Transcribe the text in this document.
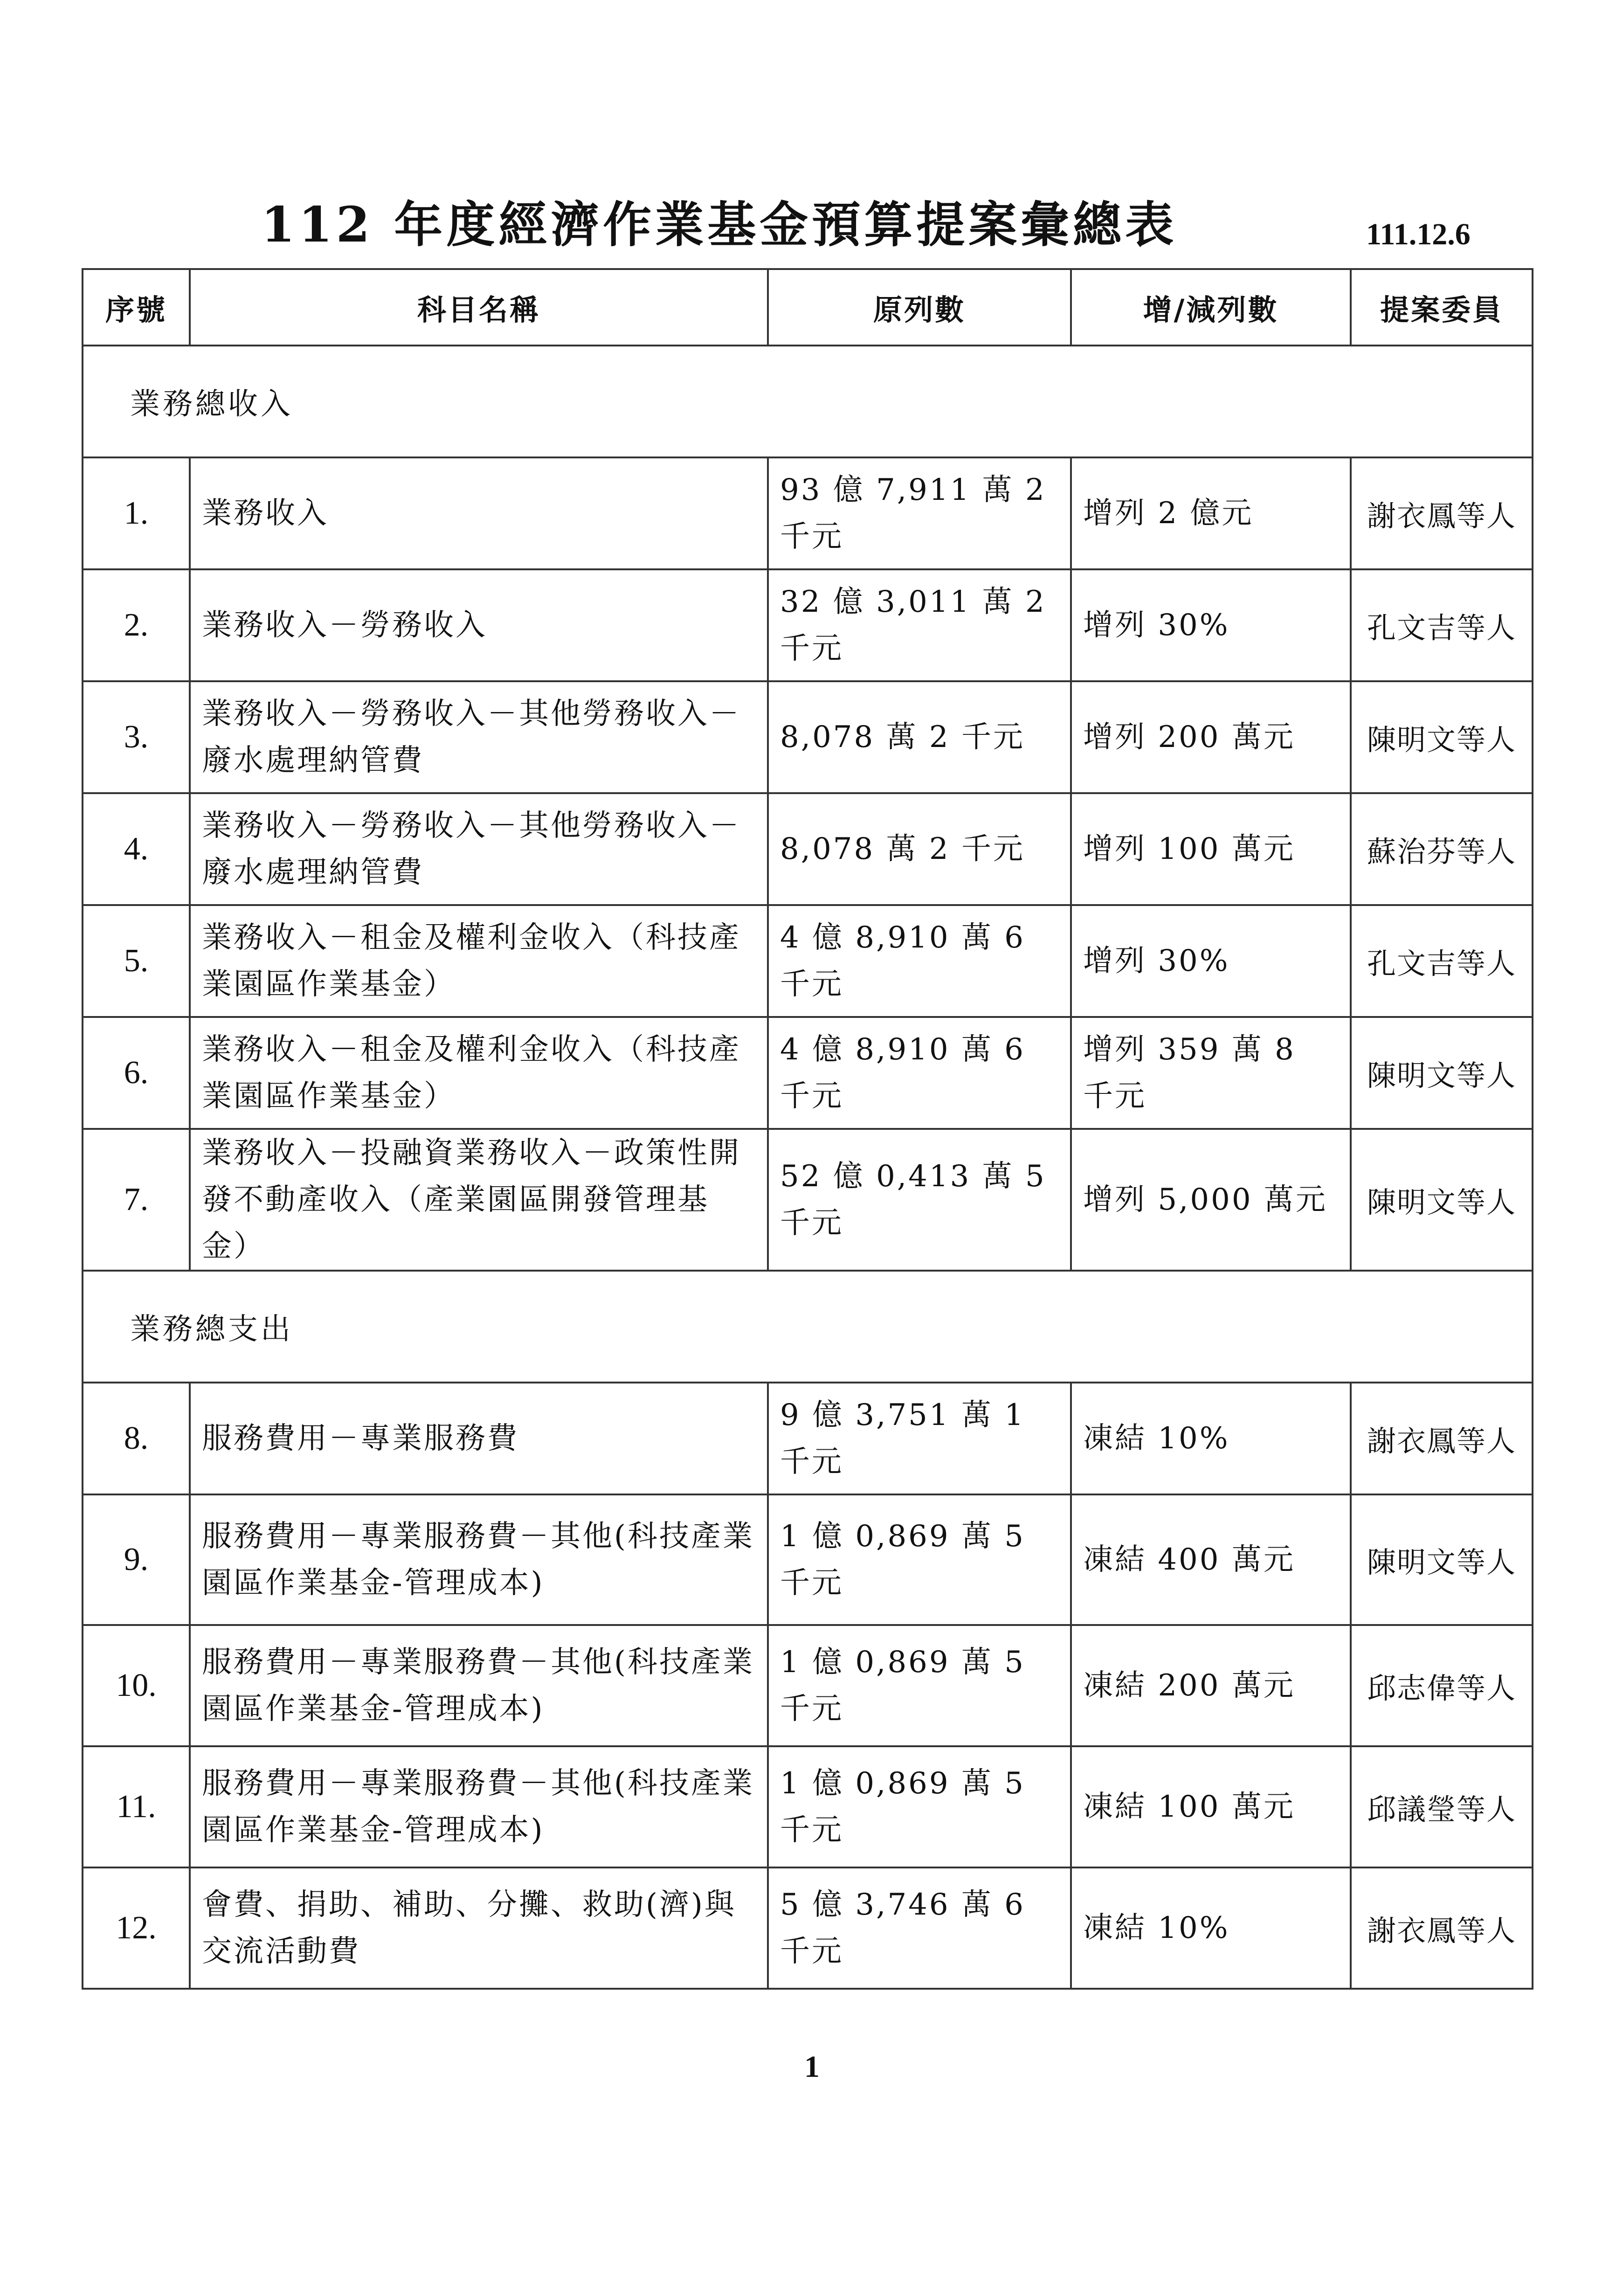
112 年度經濟作業基金預算提案彙總表	111.12.6
序號	科目名稱	原列數	增/減列數	提案委員
業務總收入				
1.	業務收入	93 億 7,911 萬 2 千元	增列 2 億元	謝衣鳳等人
2.	業務收入－勞務收入	32 億 3,011 萬 2 千元	增列 30%	孔文吉等人
3.	業務收入－勞務收入－其他勞務收入－廢水處理納管費	8,078 萬 2 千元	增列 200 萬元	陳明文等人
4.	業務收入－勞務收入－其他勞務收入－廢水處理納管費	8,078 萬 2 千元	增列 100 萬元	蘇治芬等人
5.	業務收入－租金及權利金收入（科技產業園區作業基金）	4 億 8,910 萬 6 千元	增列 30%	孔文吉等人
6.	業務收入－租金及權利金收入（科技產業園區作業基金）	4 億 8,910 萬 6 千元	增列 359 萬 8 千元	陳明文等人
7.	業務收入－投融資業務收入－政策性開發不動產收入（產業園區開發管理基金）	52 億 0,413 萬 5 千元	增列 5,000 萬元	陳明文等人
業務總支出				
8.	服務費用－專業服務費	9 億 3,751 萬 1 千元	凍結 10%	謝衣鳳等人
9.	服務費用－專業服務費－其他(科技產業園區作業基金-管理成本)	1 億 0,869 萬 5 千元	凍結 400 萬元	陳明文等人
10.	服務費用－專業服務費－其他(科技產業園區作業基金-管理成本)	1 億 0,869 萬 5 千元	凍結 200 萬元	邱志偉等人
11.	服務費用－專業服務費－其他(科技產業園區作業基金-管理成本)	1 億 0,869 萬 5 千元	凍結 100 萬元	邱議瑩等人
12.	會費、捐助、補助、分攤、救助(濟)與交流活動費	5 億 3,746 萬 6 千元	凍結 10%	謝衣鳳等人
1
